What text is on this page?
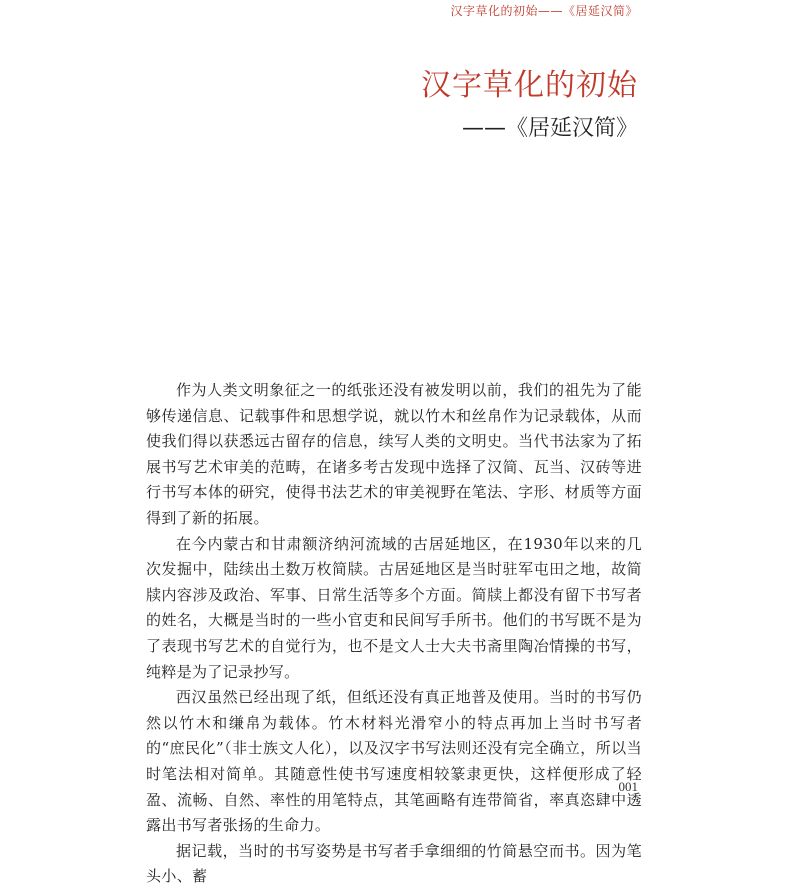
汉字草化的初始——《居延汉简》
汉字草化的初始
——《居延汉简》

作为人类文明象征之一的纸张还没有被发明以前，我们的祖先为了能够传递信息、记载事件和思想学说，就以竹木和丝帛作为记录载体，从而使我们得以获悉远古留存的信息，续写人类的文明史。当代书法家为了拓展书写艺术审美的范畴，在诸多考古发现中选择了汉简、瓦当、汉砖等进行书写本体的研究，使得书法艺术的审美视野在笔法、字形、材质等方面得到了新的拓展。

在今内蒙古和甘肃额济纳河流域的古居延地区，在1930年以来的几次发掘中，陆续出土数万枚简牍。古居延地区是当时驻军屯田之地，故简牍内容涉及政治、军事、日常生活等多个方面。简牍上都没有留下书写者的姓名，大概是当时的一些小官吏和民间写手所书。他们的书写既不是为了表现书写艺术的自觉行为，也不是文人士大夫书斋里陶冶情操的书写，纯粹是为了记录抄写。

西汉虽然已经出现了纸，但纸还没有真正地普及使用。当时的书写仍然以竹木和缣帛为载体。竹木材料光滑窄小的特点再加上当时书写者的“庶民化”（非士族文人化），以及汉字书写法则还没有完全确立，所以当时笔法相对简单。其随意性使书写速度相较篆隶更快，这样便形成了轻盈、流畅、自然、率性的用笔特点，其笔画略有连带简省，率真恣肆中透露出书写者张扬的生命力。

据记载，当时的书写姿势是书写者手拿细细的竹简悬空而书。因为笔头小、蓄

001
